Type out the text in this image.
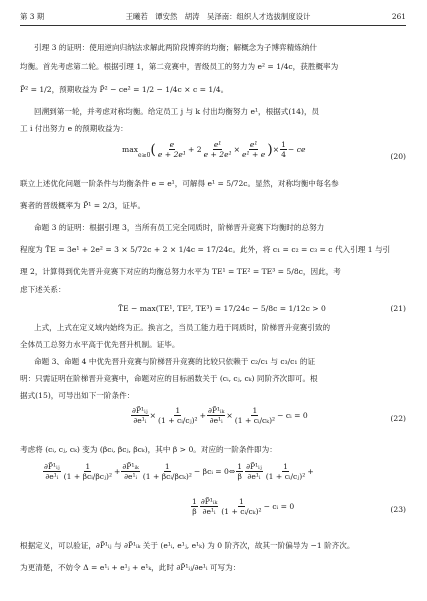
第 3 期	王曦若　谭安然　胡涛　吴泽南：组织人才选拔制度设计	261
引理 3 的证明：使用逆向归纳法求解此两阶段博弈的均衡；解概念为子博弈精炼纳什
均衡。首先考虑第二轮。根据引理 1，第二竞赛中，晋级员工的努力为 e² = 1/4c，获胜概率为
P̃² = 1/2，预期收益为 P̃² − ce² = 1/2 − 1/4c × c = 1/4。
回溯到第一轮，并考虑对称均衡。给定员工 j 与 k 付出均衡努力 e¹，根据式(14)，员
工 i 付出努力 e 的预期收益为：
max
e≥0 ( $\frac{e}{\text{e + 2e¹}} + 2 \frac{\text{e¹}}{\text{e + 2e¹}} \times \frac{\text{e¹}}{\text{e¹ + e}}$ ) × $\frac{1}{4}$ − ce
(20)
联立上述优化问题一阶条件与均衡条件 e = e¹，可解得 e¹ = 5/72c。显然，对称均衡中每名参
赛者的晋级概率为 P̃¹ = 2/3，证毕。
命题 3 的证明：根据引理 3，当所有员工完全同质时，阶梯晋升竞赛下均衡时的总努力
程度为 T̃E = 3e¹ + 2e² = 3 × 5/72c + 2 × 1/4c = 17/24c。此外，将 c₁ = c₂ = c₃ = c 代入引理 1 与引
理 2，计算得到优先晋升竞赛下对应的均衡总努力水平为 TE¹ = TE² = TE³ = 5/8c，因此，考
虑下述关系：
T̃E − max(TE¹, TE², TE³) = 17/24c − 5/8c = 1/12c > 0	(21)
上式，上式在定义域内始终为正。换言之，当员工能力趋于同质时，阶梯晋升竞赛引致的
全体员工总努力水平高于优先晋升机制。证毕。
命题 3、命题 4 中优先晋升竞赛与阶梯晋升竞赛的比较只依赖于 c₂/c₁ 与 c₃/c₁ 的证
明：只需证明在阶梯晋升竞赛中，命题对应的目标函数关于 (cᵢ, cⱼ, cₖ) 同阶齐次即可。根
据式(15)，可导出如下一阶条件：
$\frac{\text{∂P̃¹ᵢⱼ}}{\text{∂e¹ᵢ}} \times \frac{1}{\text{(1 + cᵢ/cⱼ)²}} + \frac{\text{∂P̃¹ᵢₖ}}{\text{∂e¹ᵢ}} \times \frac{1}{\text{(1 + cᵢ/cₖ)²}}$ − cᵢ = 0	(22)
考虑将 (cᵢ, cⱼ, cₖ) 变为 (βcᵢ, βcⱼ, βcₖ)，其中 β > 0。对应的一阶条件即为：
$\frac{\text{∂P̃¹ᵢⱼ}}{\text{∂e¹ᵢ}} \frac{1}{\text{(1 + βcᵢ/βcⱼ)²}} + \frac{\text{∂P̃¹ᵢₖ}}{\text{∂e¹ᵢ}} \frac{1}{\text{(1 + βcᵢ/βcₖ)²}}$ − βcᵢ = 0⇔ $\frac{1}{\beta} \frac{\text{∂P̃¹ᵢⱼ}}{\text{∂e¹ᵢ}} \frac{1}{\text{(1 + cᵢ/cⱼ)²}}$ +
$\frac{1}{\beta} \frac{\text{∂P̃¹ᵢₖ}}{\text{∂e¹ᵢ}} \frac{1}{\text{(1 + cᵢ/cₖ)²}}$ − cᵢ = 0	(23)
根据定义，可以验证，∂P̃¹ᵢⱼ 与 ∂P̃¹ᵢₖ 关于 (e¹ᵢ, e¹ⱼ, e¹ₖ) 为 0 阶齐次，故其一阶偏导为 −1 阶齐次。
为更清楚，不妨令 Δ = e¹ᵢ + e¹ⱼ + e¹ₖ，此时 ∂P̃¹ᵢⱼ/∂e¹ᵢ 可写为：
